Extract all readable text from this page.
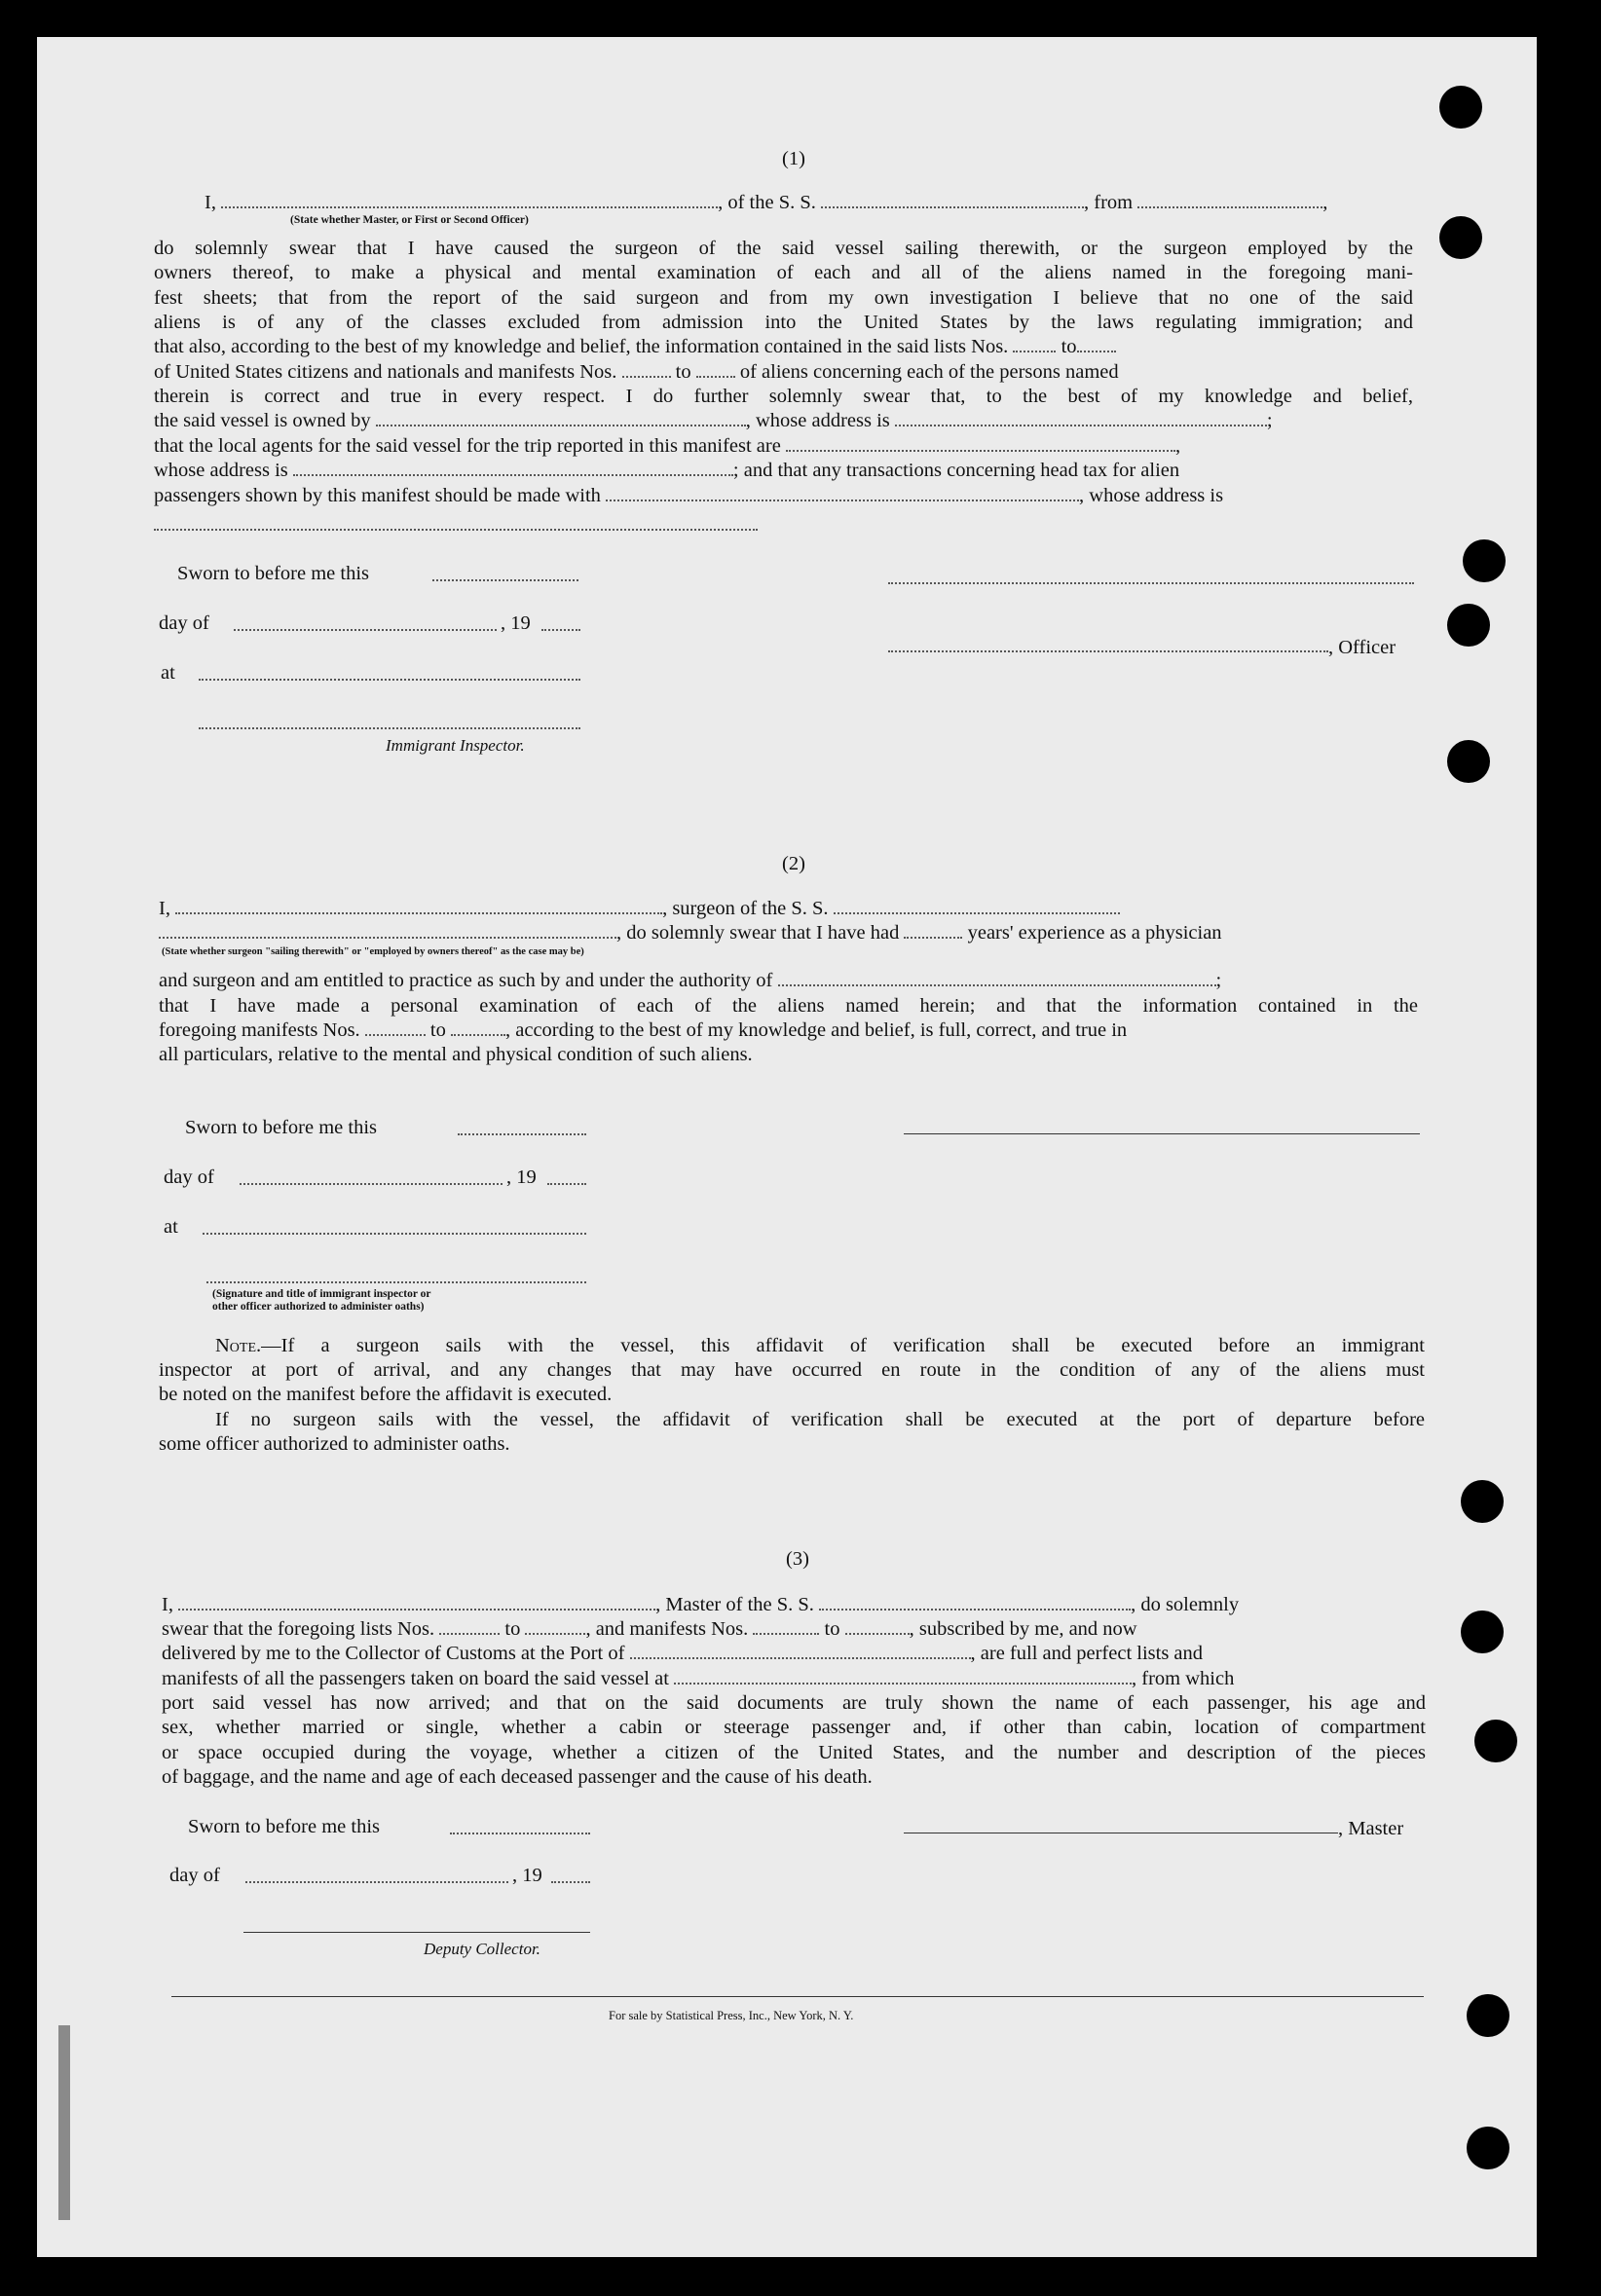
(1)
I,	, of the S. S.	, from	,
(State whether Master, or First or Second Officer)
do solemnly swear that I have caused the surgeon of the said vessel sailing therewith, or the surgeon employed by the
owners thereof, to make a physical and mental examination of each and all of the aliens named in the foregoing mani-
fest sheets; that from the report of the said surgeon and from my own investigation I believe that no one of the said
aliens is of any of the classes excluded from admission into the United States by the laws regulating immigration; and
that also, according to the best of my knowledge and belief, the information contained in the said lists Nos.	to
of United States citizens and nationals and manifests Nos.	to of aliens concerning each of the persons named
therein is correct and true in every respect. I do further solemnly swear that, to the best of my knowledge and belief,
the said vessel is owned by	, whose address is	;
that the local agents for the said vessel for the trip reported in this manifest are	,
whose address is	; and that any transactions concerning head tax for alien
passengers shown by this manifest should be made with	, whose address is
Sworn to before me this
day of	, 19
, Officer
at
Immigrant Inspector.
(2)
I,	, surgeon of the S. S.
, do solemnly swear that I have had	years' experience as a physician
(State whether surgeon "sailing therewith" or "employed by owners thereof" as the case may be)
and surgeon and am entitled to practice as such by and under the authority of	;
that I have made a personal examination of each of the aliens named herein; and that the information contained in the
foregoing manifests Nos.	to	, according to the best of my knowledge and belief, is full, correct, and true in
all particulars, relative to the mental and physical condition of such aliens.
Sworn to before me this
day of	, 19
at
(Signature and title of immigrant inspector or
other officer authorized to administer oaths)
Note.—If a surgeon sails with the vessel, this affidavit of verification shall be executed before an immigrant
inspector at port of arrival, and any changes that may have occurred en route in the condition of any of the aliens must
be noted on the manifest before the affidavit is executed.
If no surgeon sails with the vessel, the affidavit of verification shall be executed at the port of departure before
some officer authorized to administer oaths.
(3)
I,	, Master of the S. S.	, do solemnly
swear that the foregoing lists Nos.	to	, and manifests Nos.	to	, subscribed by me, and now
delivered by me to the Collector of Customs at the Port of	, are full and perfect lists and
manifests of all the passengers taken on board the said vessel at	, from which
port said vessel has now arrived; and that on the said documents are truly shown the name of each passenger, his age and
sex, whether married or single, whether a cabin or steerage passenger and, if other than cabin, location of compartment
or space occupied during the voyage, whether a citizen of the United States, and the number and description of the pieces
of baggage, and the name and age of each deceased passenger and the cause of his death.
Sworn to before me this	, Master
day of	, 19
Deputy Collector.
For sale by Statistical Press, Inc., New York, N. Y.
